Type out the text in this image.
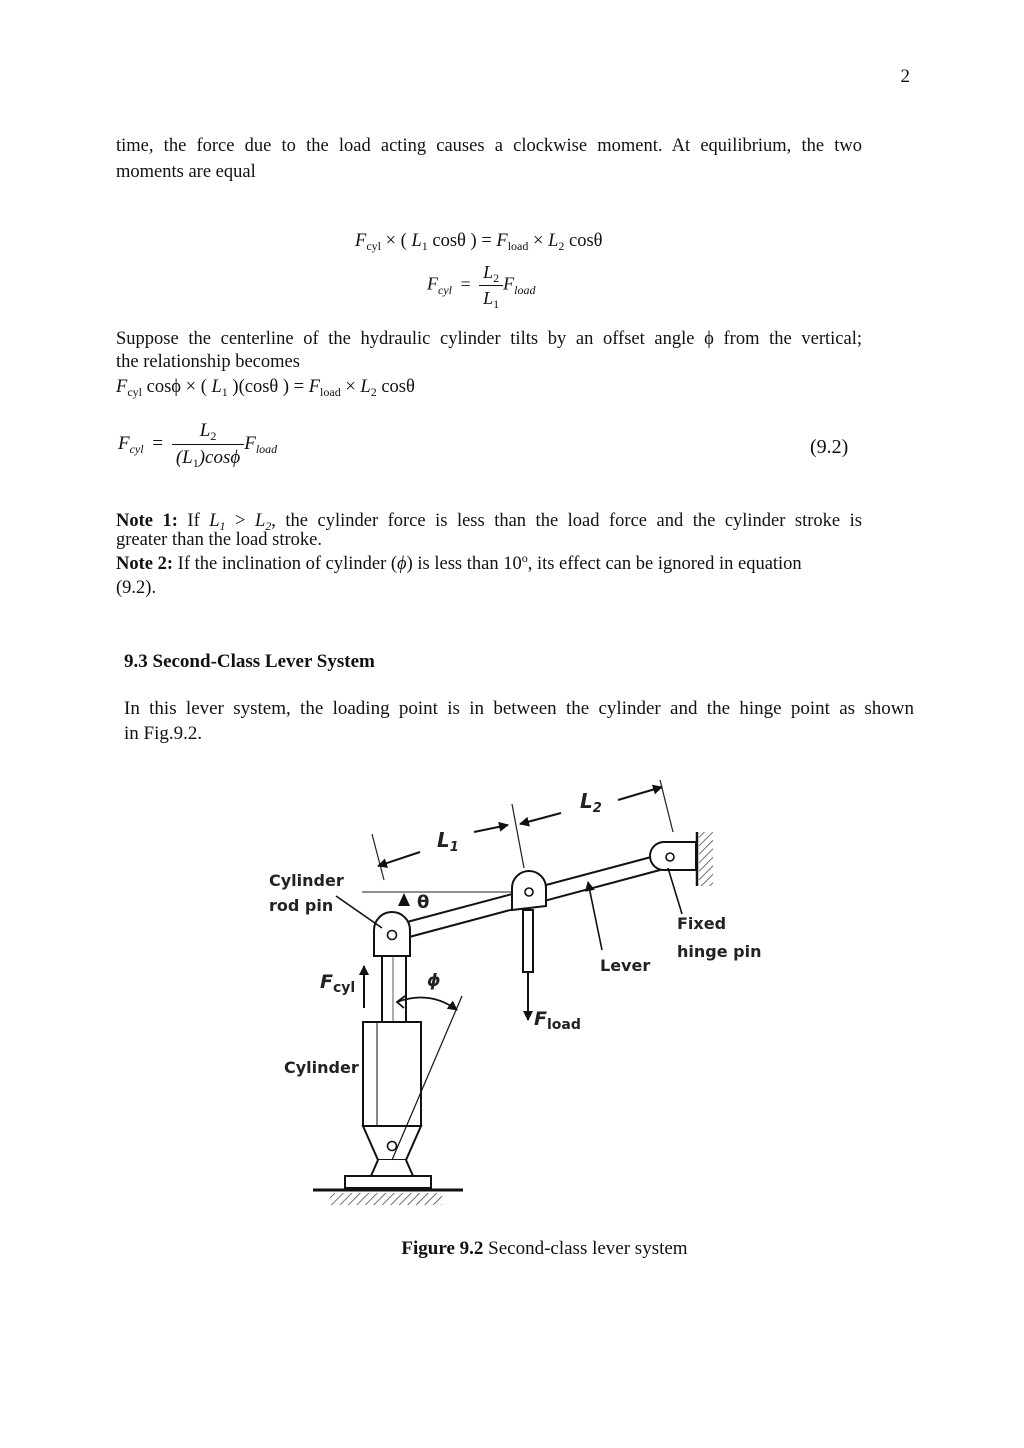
2
time, the force due to the load acting causes a clockwise moment. At equilibrium, the two
moments are equal
$F_{cyl}$ × ( $L_1$ cosθ ) = $F_{load} \times L_2$ cosθ
$F_{cyl} = \frac{L_2}{L_1} F_{load}$
Suppose the centerline of the hydraulic cylinder tilts by an offset angle ϕ from the vertical;
the relationship becomes
$F_{cyl}$ cosϕ × ( $L_1$ )(cosθ ) = $F_{load} \times L_2$ cosθ
$F_{cyl} = \frac{L_2}{(L_1)\cos\phi} F_{load}$	(9.2)
Note 1: If $L_1 > L_2$, the cylinder force is less than the load force and the cylinder stroke is
greater than the load stroke.
Note 2: If the inclination of cylinder (ϕ) is less than 10$^o$, its effect can be ignored in equation
(9.2).
9.3 Second-Class Lever System
In this lever system, the loading point is in between the cylinder and the hinge point as shown
in Fig.9.2.
$L_2$
$L_1$
Cylinder
rod pin	θ
Fixed
hinge pin
Lever
$F_{cyl}$	ϕ
$F_{load}$
Cylinder
Figure 9.2 Second-class lever system
